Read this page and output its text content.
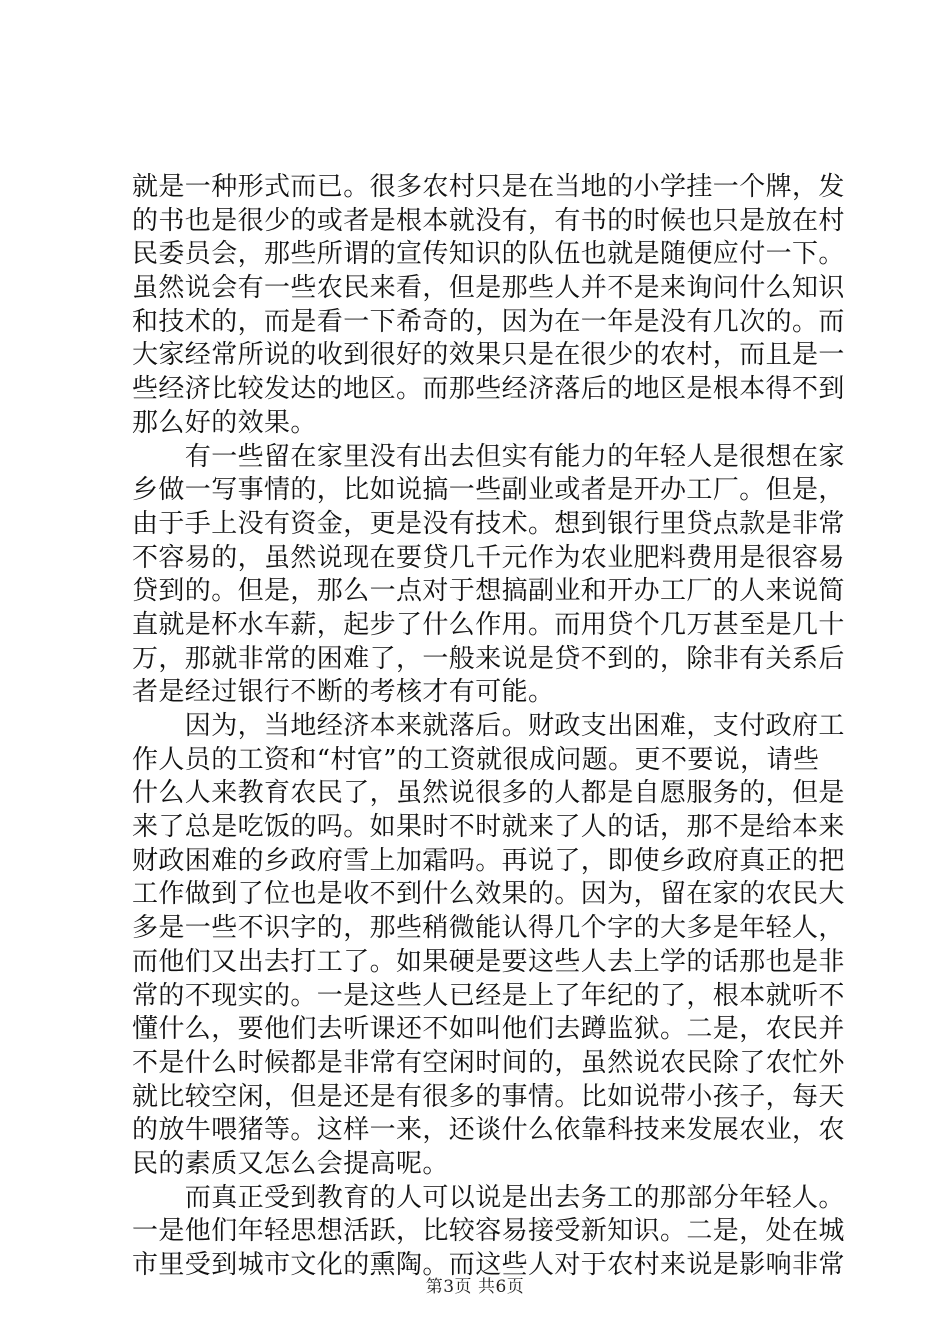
就是一种形式而已。很多农村只是在当地的小学挂一个牌，发
的书也是很少的或者是根本就没有，有书的时候也只是放在村
民委员会，那些所谓的宣传知识的队伍也就是随便应付一下。
虽然说会有一些农民来看，但是那些人并不是来询问什么知识
和技术的，而是看一下希奇的，因为在一年是没有几次的。而
大家经常所说的收到很好的效果只是在很少的农村，而且是一
些经济比较发达的地区。而那些经济落后的地区是根本得不到
那么好的效果。
　　有一些留在家里没有出去但实有能力的年轻人是很想在家
乡做一写事情的，比如说搞一些副业或者是开办工厂。但是，
由于手上没有资金，更是没有技术。想到银行里贷点款是非常
不容易的，虽然说现在要贷几千元作为农业肥料费用是很容易
贷到的。但是，那么一点对于想搞副业和开办工厂的人来说简
直就是杯水车薪，起步了什么作用。而用贷个几万甚至是几十
万，那就非常的困难了，一般来说是贷不到的，除非有关系后
者是经过银行不断的考核才有可能。
　　因为，当地经济本来就落后。财政支出困难，支付政府工
作人员的工资和“村官”的工资就很成问题。更不要说，请些
什么人来教育农民了，虽然说很多的人都是自愿服务的，但是
来了总是吃饭的吗。如果时不时就来了人的话，那不是给本来
财政困难的乡政府雪上加霜吗。再说了，即使乡政府真正的把
工作做到了位也是收不到什么效果的。因为，留在家的农民大
多是一些不识字的，那些稍微能认得几个字的大多是年轻人，
而他们又出去打工了。如果硬是要这些人去上学的话那也是非
常的不现实的。一是这些人已经是上了年纪的了，根本就听不
懂什么，要他们去听课还不如叫他们去蹲监狱。二是，农民并
不是什么时候都是非常有空闲时间的，虽然说农民除了农忙外
就比较空闲，但是还是有很多的事情。比如说带小孩子，每天
的放牛喂猪等。这样一来，还谈什么依靠科技来发展农业，农
民的素质又怎么会提高呢。
　　而真正受到教育的人可以说是出去务工的那部分年轻人。
一是他们年轻思想活跃，比较容易接受新知识。二是，处在城
市里受到城市文化的熏陶。而这些人对于农村来说是影响非常
第3页 共6页
